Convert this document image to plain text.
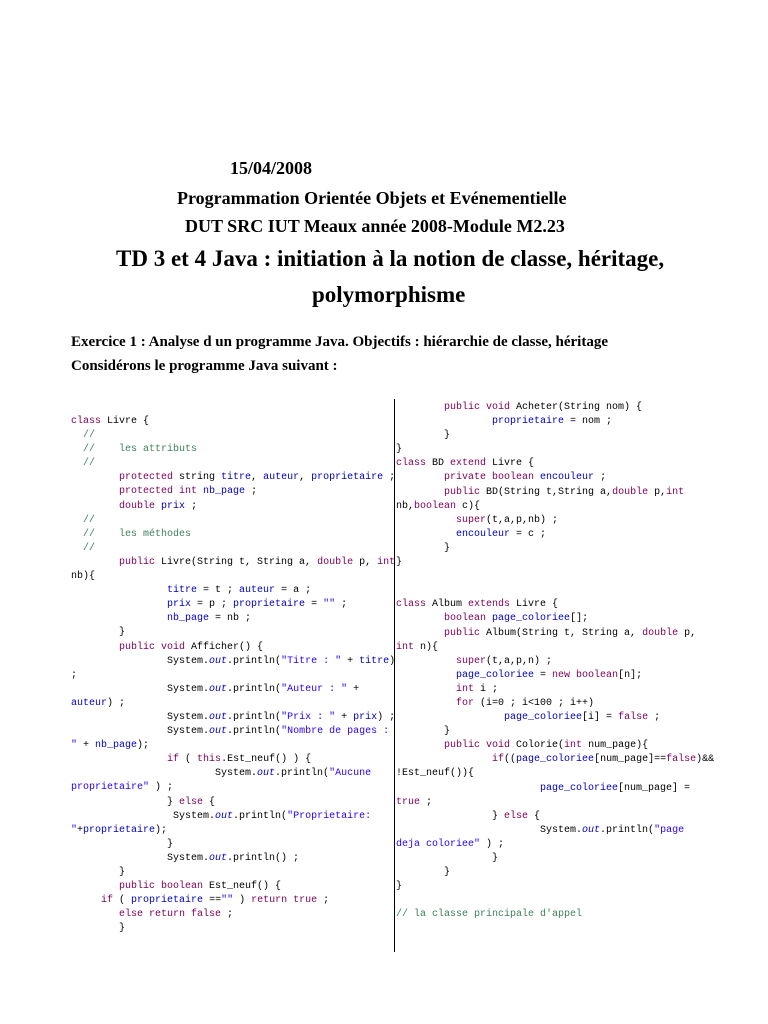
15/04/2008
Programmation Orientée Objets et Evénementielle
DUT SRC IUT Meaux année 2008-Module M2.23
TD 3 et 4 Java : initiation à la notion de classe, héritage,
polymorphisme
Exercice 1 : Analyse d un programme Java. Objectifs : hiérarchie de classe, héritage
Considérons le programme Java suivant :
class Livre {
//
//    les attributs
//
protected string titre, auteur, proprietaire ;
protected int nb_page ;
double prix ;
//
//    les méthodes
//
public Livre(String t, String a, double p, int
nb){
titre = t ; auteur = a ;
prix = p ; proprietaire = "" ;
nb_page = nb ;
}
public void Afficher() {
System.out.println("Titre : " + titre)
;
System.out.println("Auteur : " +
auteur) ;
System.out.println("Prix : " + prix) ;
System.out.println("Nombre de pages :
" + nb_page);
if ( this.Est_neuf() ) {
System.out.println("Aucune
proprietaire" ) ;
} else {
System.out.println("Proprietaire:
"+proprietaire);
}
System.out.println() ;
}
public boolean Est_neuf() {
if ( proprietaire =="" ) return true ;
else return false ;
}
public void Acheter(String nom) {
proprietaire = nom ;
}
}
class BD extend Livre {
private boolean encouleur ;
public BD(String t,String a,double p,int
nb,boolean c){
super(t,a,p,nb) ;
encouleur = c ;
}
}

class Album extends Livre {
boolean page_coloriee[];
public Album(String t, String a, double p,
int n){
super(t,a,p,n) ;
page_coloriee = new boolean[n];
int i ;
for (i=0 ; i<100 ; i++)
page_coloriee[i] = false ;
}
public void Colorie(int num_page){
if((page_coloriee[num_page]==false)&&
!Est_neuf()){
page_coloriee[num_page] =
true ;
} else {
System.out.println("page
deja coloriee" ) ;
}
}
}

// la classe principale d'appel
